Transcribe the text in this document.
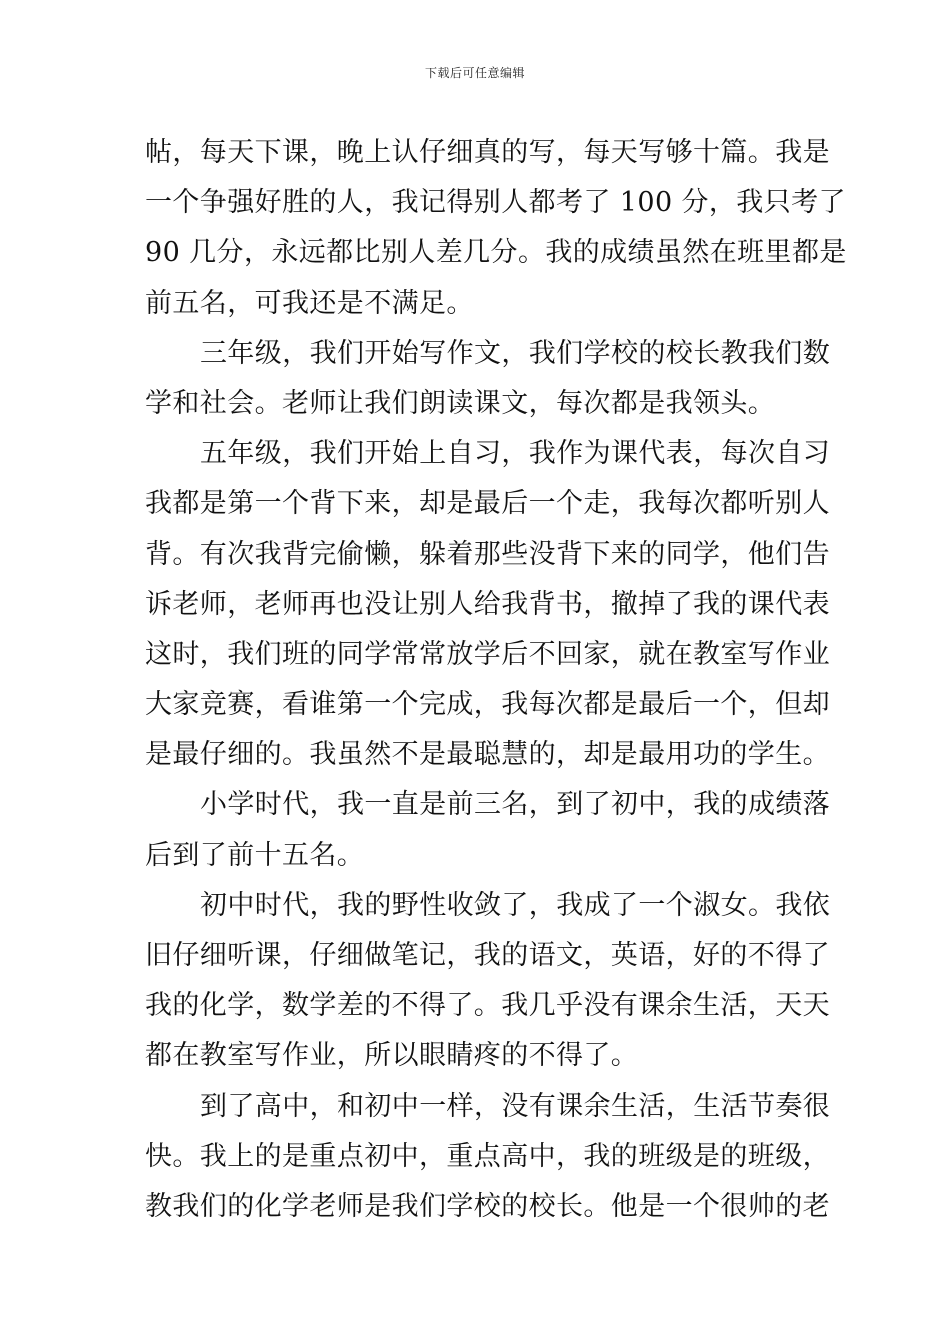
下载后可任意编辑
帖，每天下课，晚上认仔细真的写，每天写够十篇。我是
一个争强好胜的人，我记得别人都考了 100 分，我只考了
90 几分，永远都比别人差几分。我的成绩虽然在班里都是
前五名，可我还是不满足。
三年级，我们开始写作文，我们学校的校长教我们数
学和社会。老师让我们朗读课文，每次都是我领头。
五年级，我们开始上自习，我作为课代表，每次自习
我都是第一个背下来，却是最后一个走，我每次都听别人
背。有次我背完偷懒，躲着那些没背下来的同学，他们告
诉老师，老师再也没让别人给我背书，撤掉了我的课代表
这时，我们班的同学常常放学后不回家，就在教室写作业
大家竞赛，看谁第一个完成，我每次都是最后一个，但却
是最仔细的。我虽然不是最聪慧的，却是最用功的学生。
小学时代，我一直是前三名，到了初中，我的成绩落
后到了前十五名。
初中时代，我的野性收敛了，我成了一个淑女。我依
旧仔细听课，仔细做笔记，我的语文，英语，好的不得了
我的化学，数学差的不得了。我几乎没有课余生活，天天
都在教室写作业，所以眼睛疼的不得了。
到了高中，和初中一样，没有课余生活，生活节奏很
快。我上的是重点初中，重点高中，我的班级是的班级，
教我们的化学老师是我们学校的校长。他是一个很帅的老
